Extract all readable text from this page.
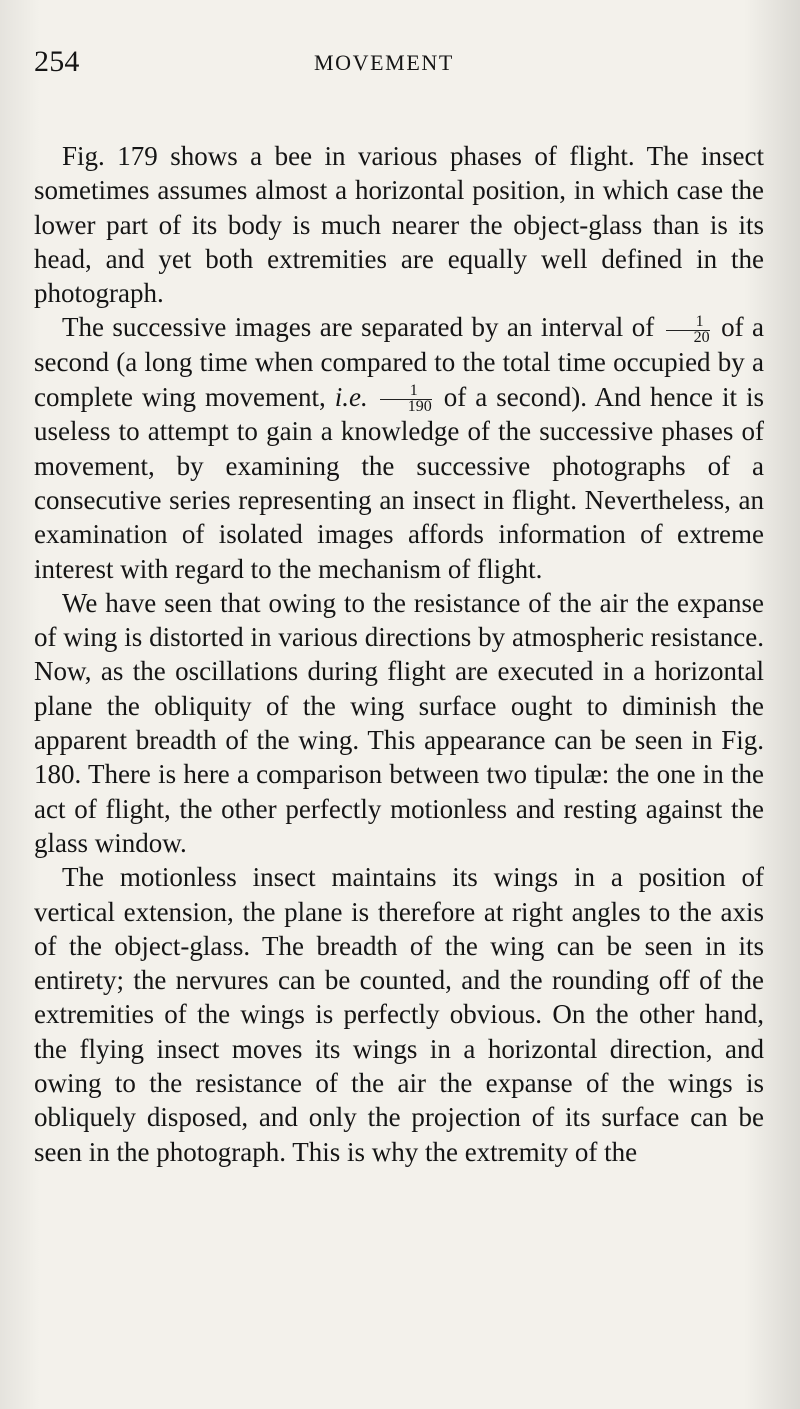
254	MOVEMENT

Fig. 179 shows a bee in various phases of flight. The insect sometimes assumes almost a horizontal position, in which case the lower part of its body is much nearer the object-glass than is its head, and yet both extremities are equally well defined in the photograph.

The successive images are separated by an interval of $\frac{1}{20}$ of a second (a long time when compared to the total time occupied by a complete wing movement, i.e. $\frac{1}{190}$ of a second). And hence it is useless to attempt to gain a knowledge of the successive phases of movement, by examining the successive photographs of a consecutive series representing an insect in flight. Nevertheless, an examination of isolated images affords information of extreme interest with regard to the mechanism of flight.

We have seen that owing to the resistance of the air the expanse of wing is distorted in various directions by atmospheric resistance. Now, as the oscillations during flight are executed in a horizontal plane the obliquity of the wing surface ought to diminish the apparent breadth of the wing. This appearance can be seen in Fig. 180. There is here a comparison between two tipulæ: the one in the act of flight, the other perfectly motionless and resting against the glass window.

The motionless insect maintains its wings in a position of vertical extension, the plane is therefore at right angles to the axis of the object-glass. The breadth of the wing can be seen in its entirety; the nervures can be counted, and the rounding off of the extremities of the wings is perfectly obvious. On the other hand, the flying insect moves its wings in a horizontal direction, and owing to the resistance of the air the expanse of the wings is obliquely disposed, and only the projection of its surface can be seen in the photograph. This is why the extremity of the
